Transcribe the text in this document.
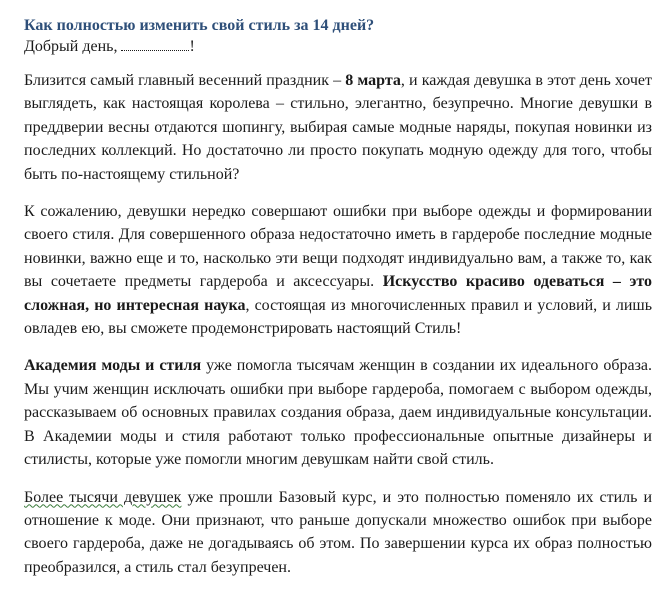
Как полностью изменить свой стиль за 14 дней?
Добрый день,	!

Близится самый главный весенний праздник – 8 марта, и каждая девушка в этот день хочет выглядеть, как настоящая королева – стильно, элегантно, безупречно. Многие девушки в преддверии весны отдаются шопингу, выбирая самые модные наряды, покупая новинки из последних коллекций. Но достаточно ли просто покупать модную одежду для того, чтобы быть по-настоящему стильной?

К сожалению, девушки нередко совершают ошибки при выборе одежды и формировании своего стиля. Для совершенного образа недостаточно иметь в гардеробе последние модные новинки, важно еще и то, насколько эти вещи подходят индивидуально вам, а также то, как вы сочетаете предметы гардероба и аксессуары. Искусство красиво одеваться – это сложная, но интересная наука, состоящая из многочисленных правил и условий, и лишь овладев ею, вы сможете продемонстрировать настоящий Стиль!

Академия моды и стиля уже помогла тысячам женщин в создании их идеального образа. Мы учим женщин исключать ошибки при выборе гардероба, помогаем с выбором одежды, рассказываем об основных правилах создания образа, даем индивидуальные консультации. В Академии моды и стиля работают только профессиональные опытные дизайнеры и стилисты, которые уже помогли многим девушкам найти свой стиль.

Более тысячи девушек уже прошли Базовый курс, и это полностью поменяло их стиль и отношение к моде. Они признают, что раньше допускали множество ошибок при выборе своего гардероба, даже не догадываясь об этом. По завершении курса их образ полностью преобразился, а стиль стал безупречен.
